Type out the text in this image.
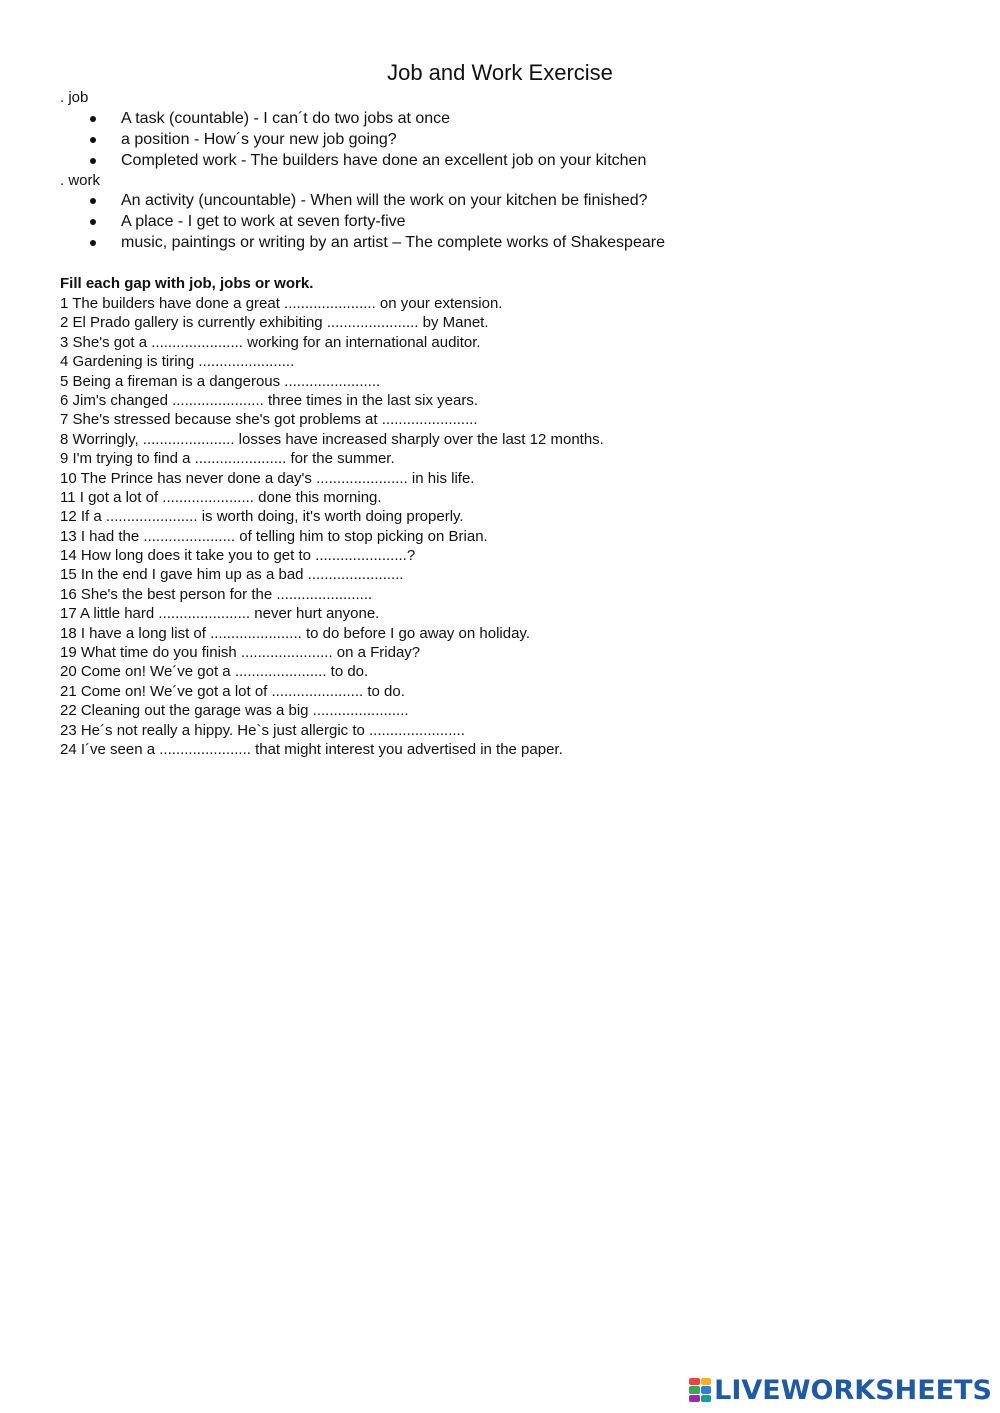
Job and Work Exercise
. job
A task (countable) - I can´t do two jobs at once
a position - How´s your new job going?
Completed work - The builders have done an excellent job on your kitchen
. work
An activity (uncountable) - When will the work on your kitchen be finished?
A place - I get to work at seven forty-five
music, paintings or writing by an artist – The complete works of Shakespeare
Fill each gap with job, jobs or work.
1 The builders have done a great ...................... on your extension.
2 El Prado gallery is currently exhibiting ...................... by Manet.
3 She's got a ...................... working for an international auditor.
4 Gardening is tiring .......................
5 Being a fireman is a dangerous .......................
6 Jim's changed ...................... three times in the last six years.
7 She's stressed because she's got problems at .......................
8 Worringly, ...................... losses have increased sharply over the last 12 months.
9 I'm trying to find a ...................... for the summer.
10 The Prince has never done a day's ...................... in his life.
11 I got a lot of ...................... done this morning.
12 If a ...................... is worth doing, it's worth doing properly.
13 I had the ...................... of telling him to stop picking on Brian.
14 How long does it take you to get to ......................?
15 In the end I gave him up as a bad .......................
16 She's the best person for the .......................
17 A little hard ...................... never hurt anyone.
18 I have a long list of ...................... to do before I go away on holiday.
19 What time do you finish ...................... on a Friday?
20 Come on! We´ve got a ...................... to do.
21 Come on! We´ve got a lot of ...................... to do.
22 Cleaning out the garage was a big .......................
23 He´s not really a hippy. He`s just allergic to .......................
24 I´ve seen a ...................... that might interest you advertised in the paper.
LIVEWORKSHEETS
